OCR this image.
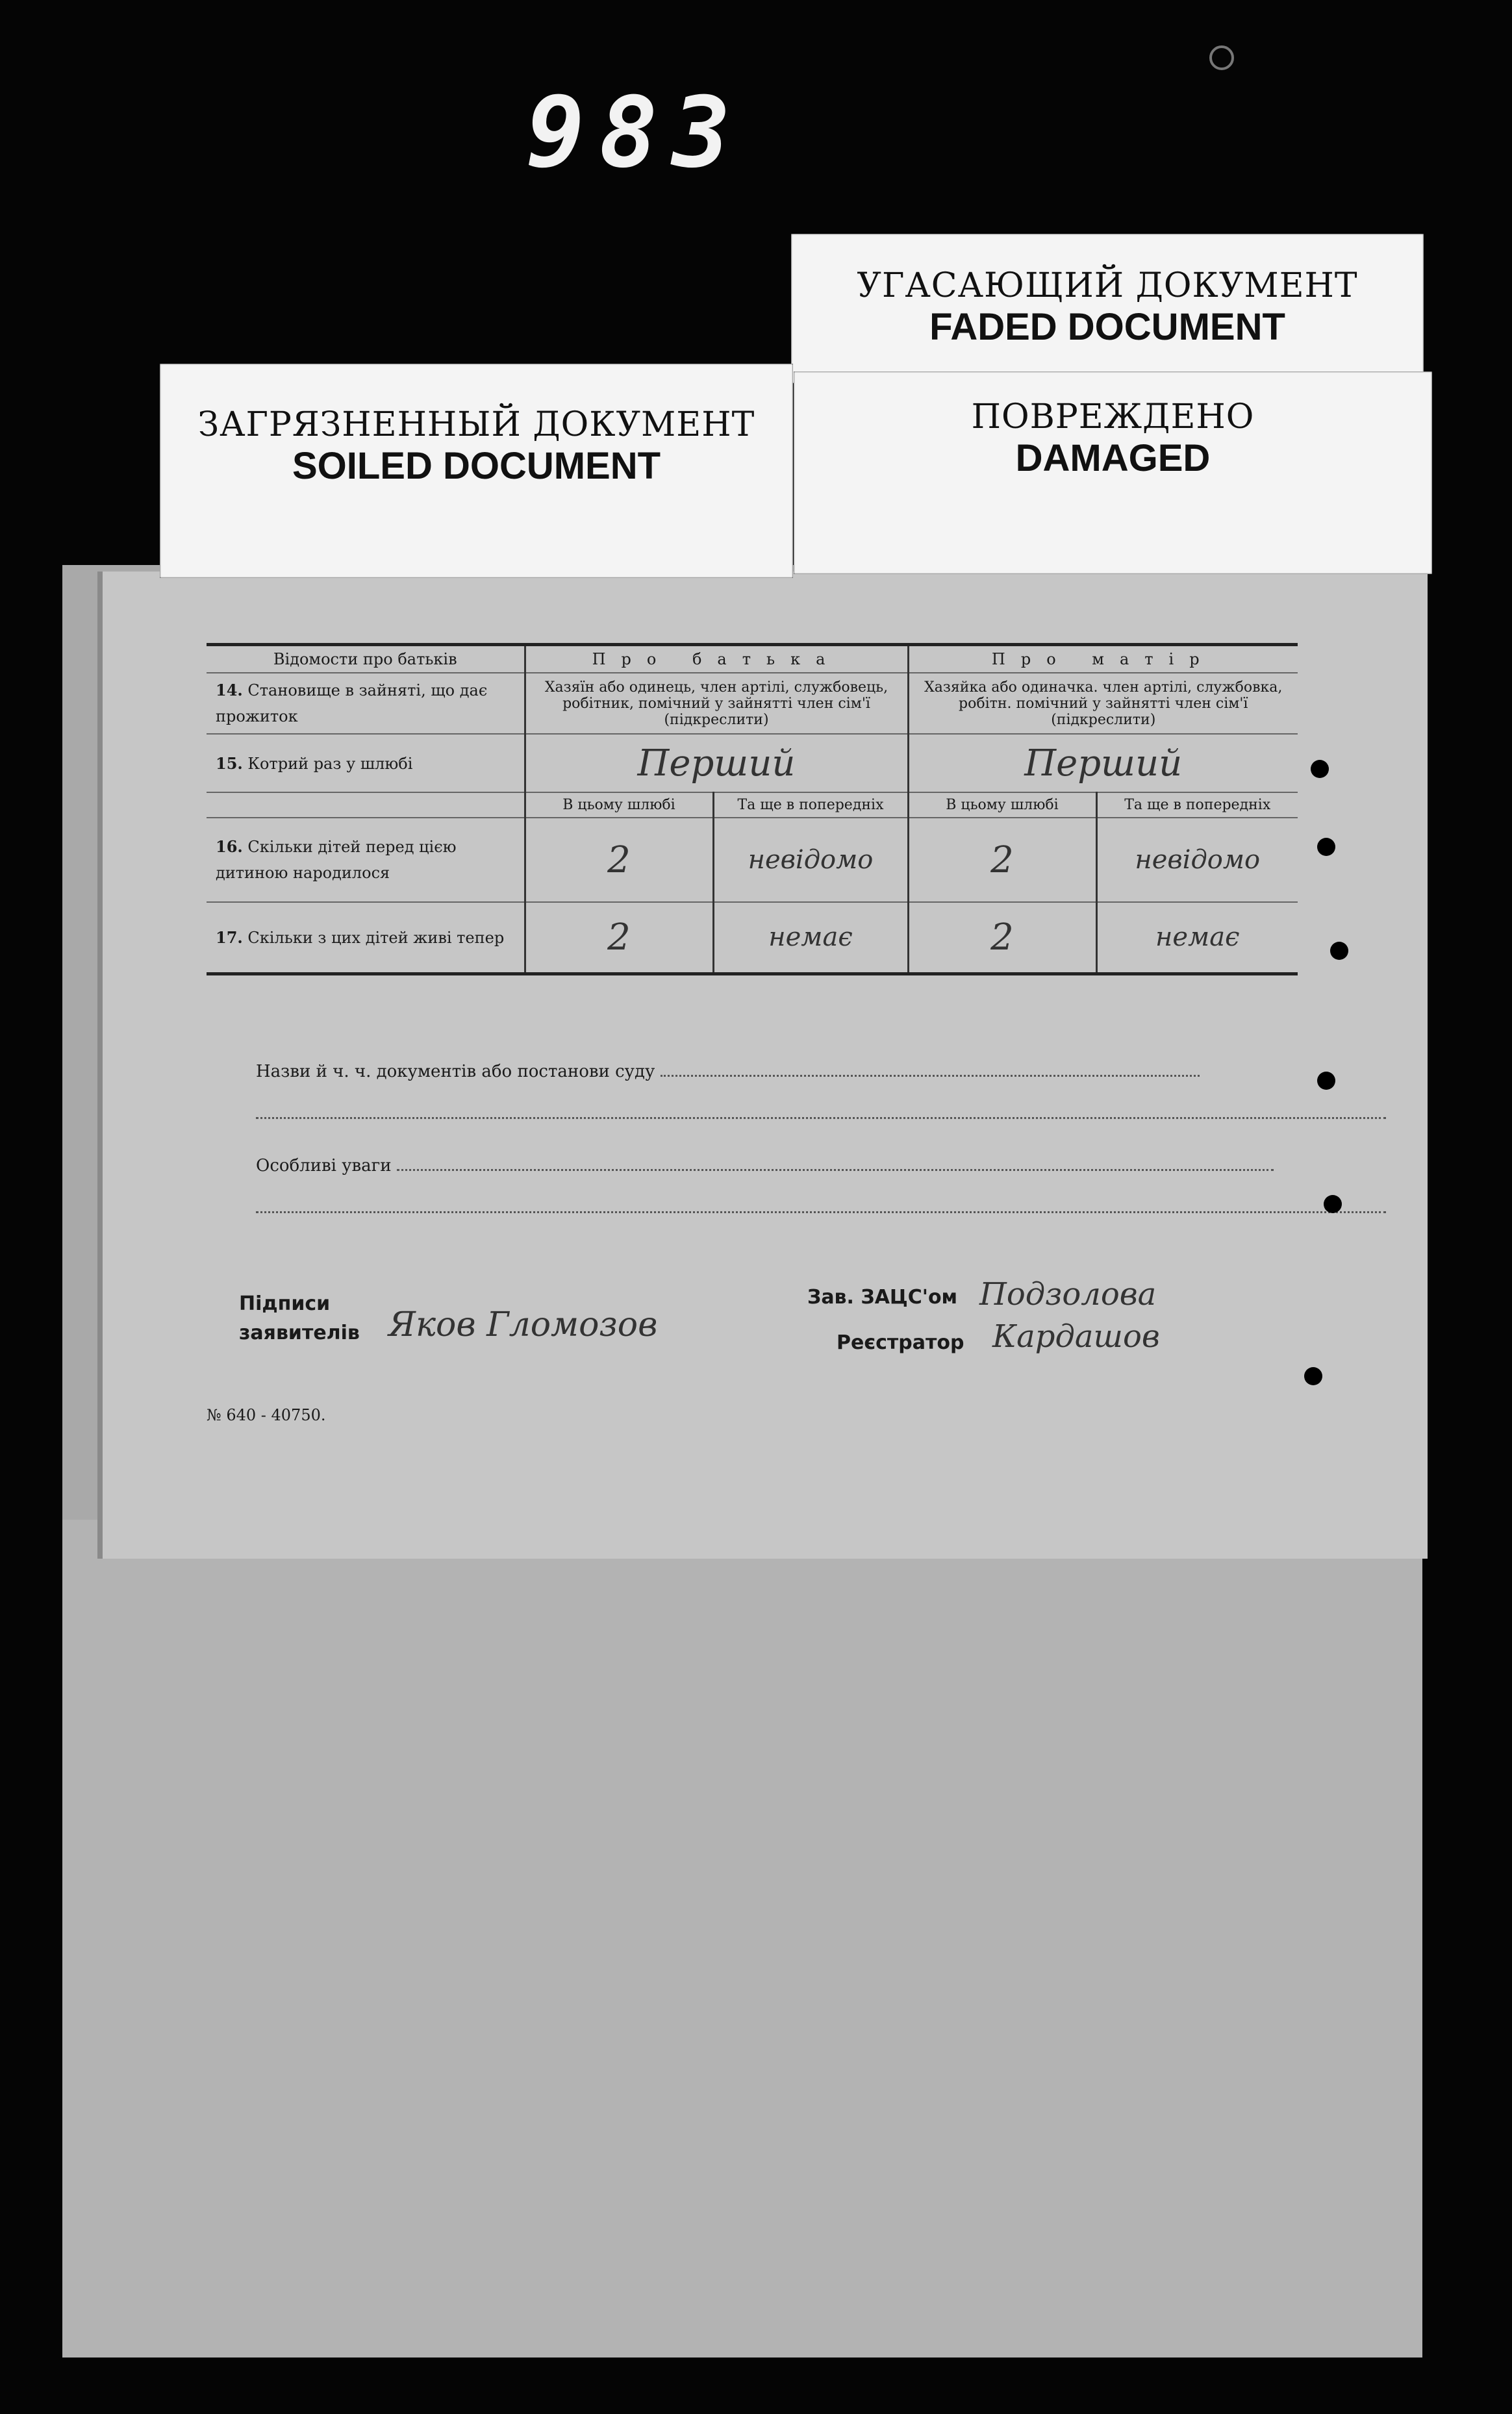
983
Відомости про батьків	Про батька		Про матір	
14. Становище в зайняті, що дає прожиток	Хазяїн або одинець, член артілі, службовець, робітник, помічний у зайнятті член сім'ї (підкреслити)		Хазяйка або одиначка. член артілі, службовка, робітн. помічний у зайнятті член сім'ї (підкреслити)	
15. Котрий раз у шлюбі	Перший		Перший	
	В цьому шлюбі	Та ще в попередніх	В цьому шлюбі	Та ще в попередніх
16. Скільки дітей перед цією дитиною народилося	2	невідомо	2	невідомо
17. Скільки з цих дітей живі тепер	2	немає	2	немає
Назви й ч. ч. документів або постанови суду
Особливі уваги
Підписи
заявителів Яков Гломозов
Зав. ЗАЦС'ом Подзолова
Реєстратор Кардашов
№ 640 - 40750.
УГАСАЮЩИЙ ДОКУМЕНТ
FADED DOCUMENT
ПОВРЕЖДЕНО
DAMAGED
ЗАГРЯЗНЕННЫЙ ДОКУМЕНТ
SOILED DOCUMENT
